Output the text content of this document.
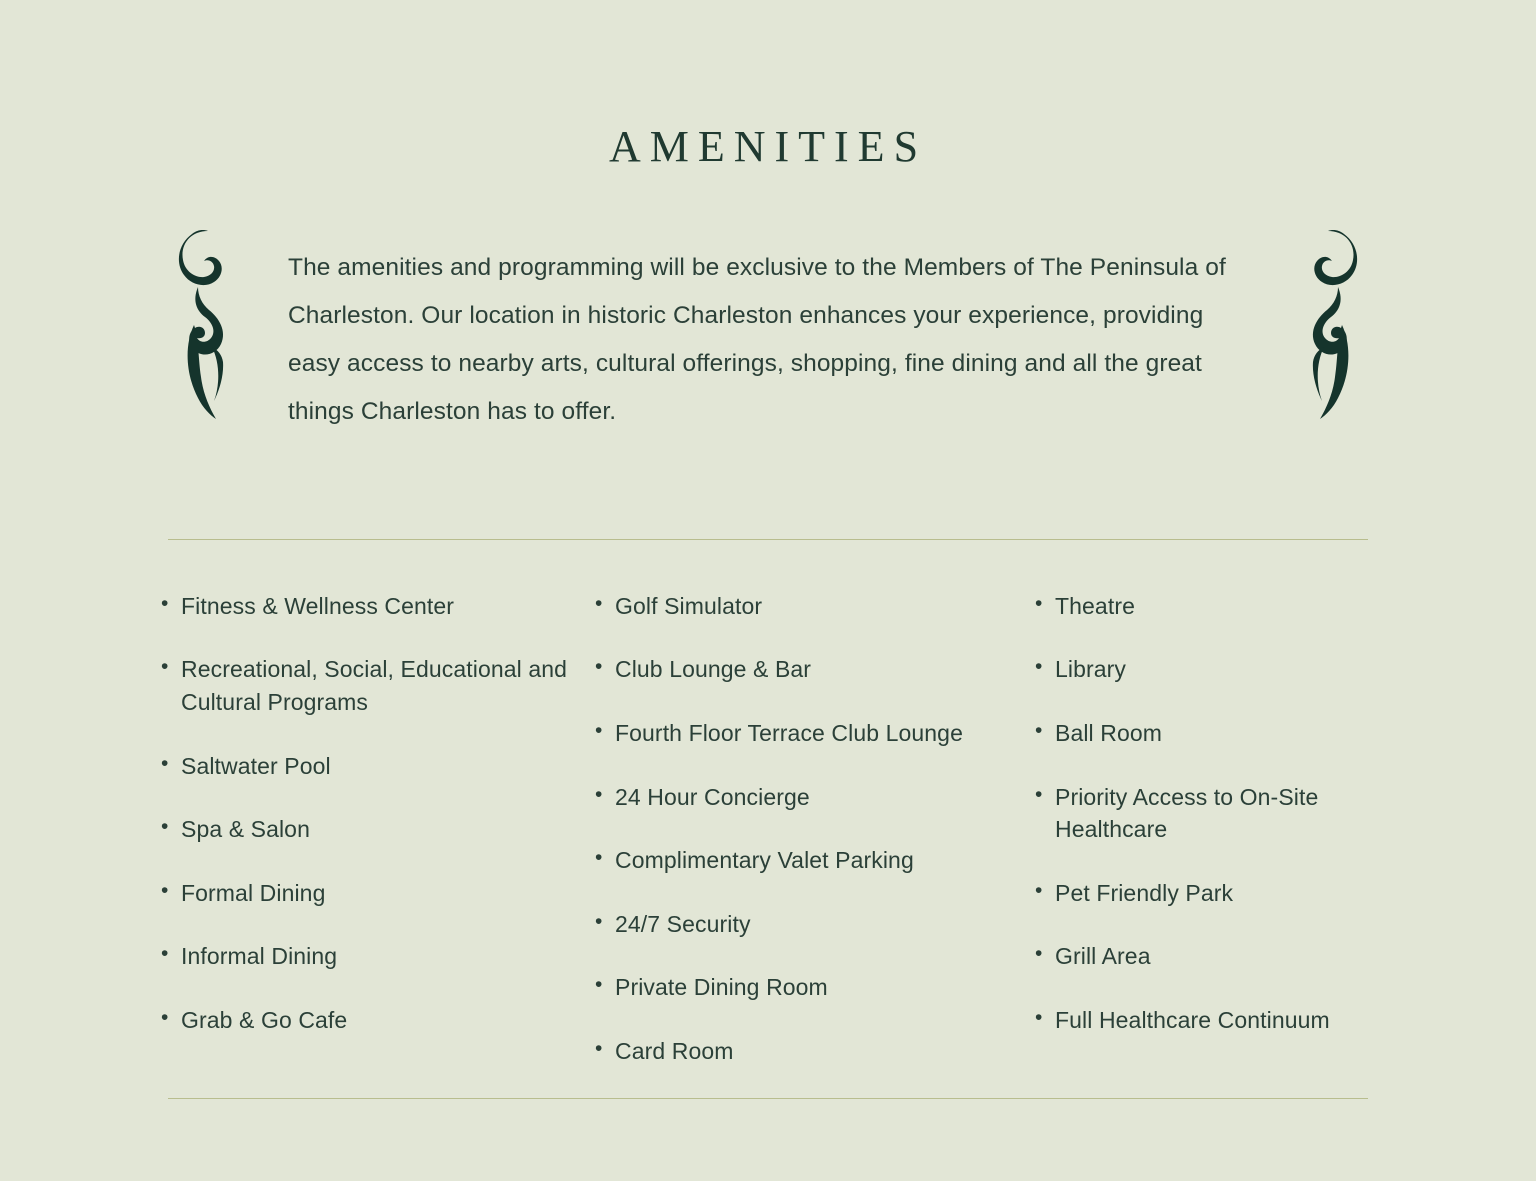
AMENITIES

The amenities and programming will be exclusive to the Members of The Peninsula of Charleston. Our location in historic Charleston enhances your experience, providing easy access to nearby arts, cultural offerings, shopping, fine dining and all the great things Charleston has to offer.

• Fitness & Wellness Center
• Recreational, Social, Educational and Cultural Programs
• Saltwater Pool
• Spa & Salon
• Formal Dining
• Informal Dining
• Grab & Go Cafe
• Golf Simulator
• Club Lounge & Bar
• Fourth Floor Terrace Club Lounge
• 24 Hour Concierge
• Complimentary Valet Parking
• 24/7 Security
• Private Dining Room
• Card Room
• Theatre
• Library
• Ball Room
• Priority Access to On-Site Healthcare
• Pet Friendly Park
• Grill Area
• Full Healthcare Continuum
